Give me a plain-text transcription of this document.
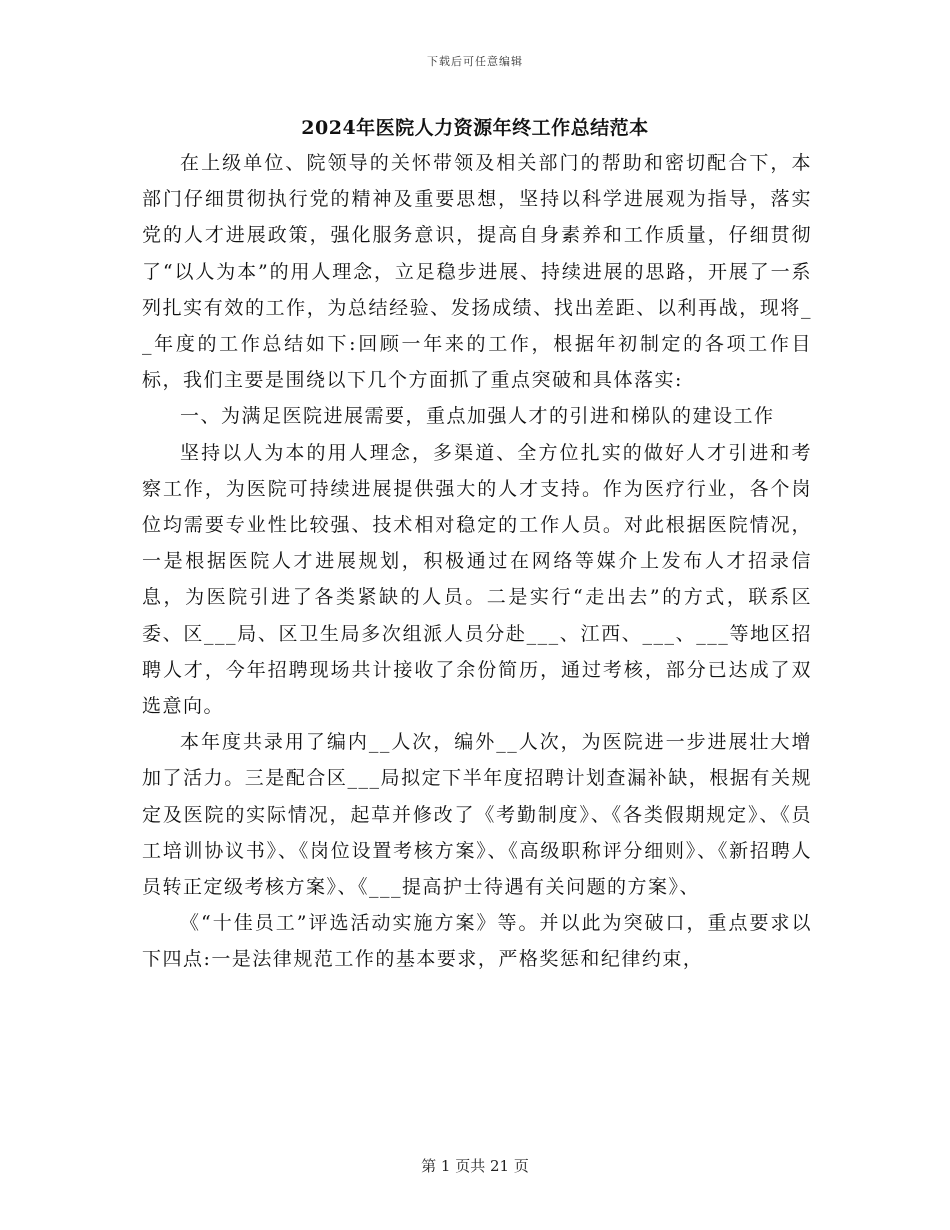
下载后可任意编辑
2024年医院人力资源年终工作总结范本

在上级单位、院领导的关怀带领及相关部门的帮助和密切配合下，本部门仔细贯彻执行党的精神及重要思想，坚持以科学进展观为指导，落实党的人才进展政策，强化服务意识，提高自身素养和工作质量，仔细贯彻了“以人为本”的用人理念，立足稳步进展、持续进展的思路，开展了一系列扎实有效的工作，为总结经验、发扬成绩、找出差距、以利再战，现将__年度的工作总结如下:回顾一年来的工作，根据年初制定的各项工作目标，我们主要是围绕以下几个方面抓了重点突破和具体落实:

一、为满足医院进展需要，重点加强人才的引进和梯队的建设工作

坚持以人为本的用人理念，多渠道、全方位扎实的做好人才引进和考察工作，为医院可持续进展提供强大的人才支持。作为医疗行业，各个岗位均需要专业性比较强、技术相对稳定的工作人员。对此根据医院情况，一是根据医院人才进展规划，积极通过在网络等媒介上发布人才招录信息，为医院引进了各类紧缺的人员。二是实行“走出去”的方式，联系区委、区___局、区卫生局多次组派人员分赴___、江西、___、___等地区招聘人才，今年招聘现场共计接收了余份简历，通过考核，部分已达成了双选意向。

本年度共录用了编内__人次，编外__人次，为医院进一步进展壮大增加了活力。三是配合区___局拟定下半年度招聘计划查漏补缺，根据有关规定及医院的实际情况，起草并修改了《考勤制度》、《各类假期规定》、《员工培训协议书》、《岗位设置考核方案》、《高级职称评分细则》、《新招聘人员转正定级考核方案》、《___提高护士待遇有关问题的方案》、

《“十佳员工”评选活动实施方案》等。并以此为突破口，重点要求以下四点:一是法律规范工作的基本要求，严格奖惩和纪律约束，

第 1 页共 21 页
